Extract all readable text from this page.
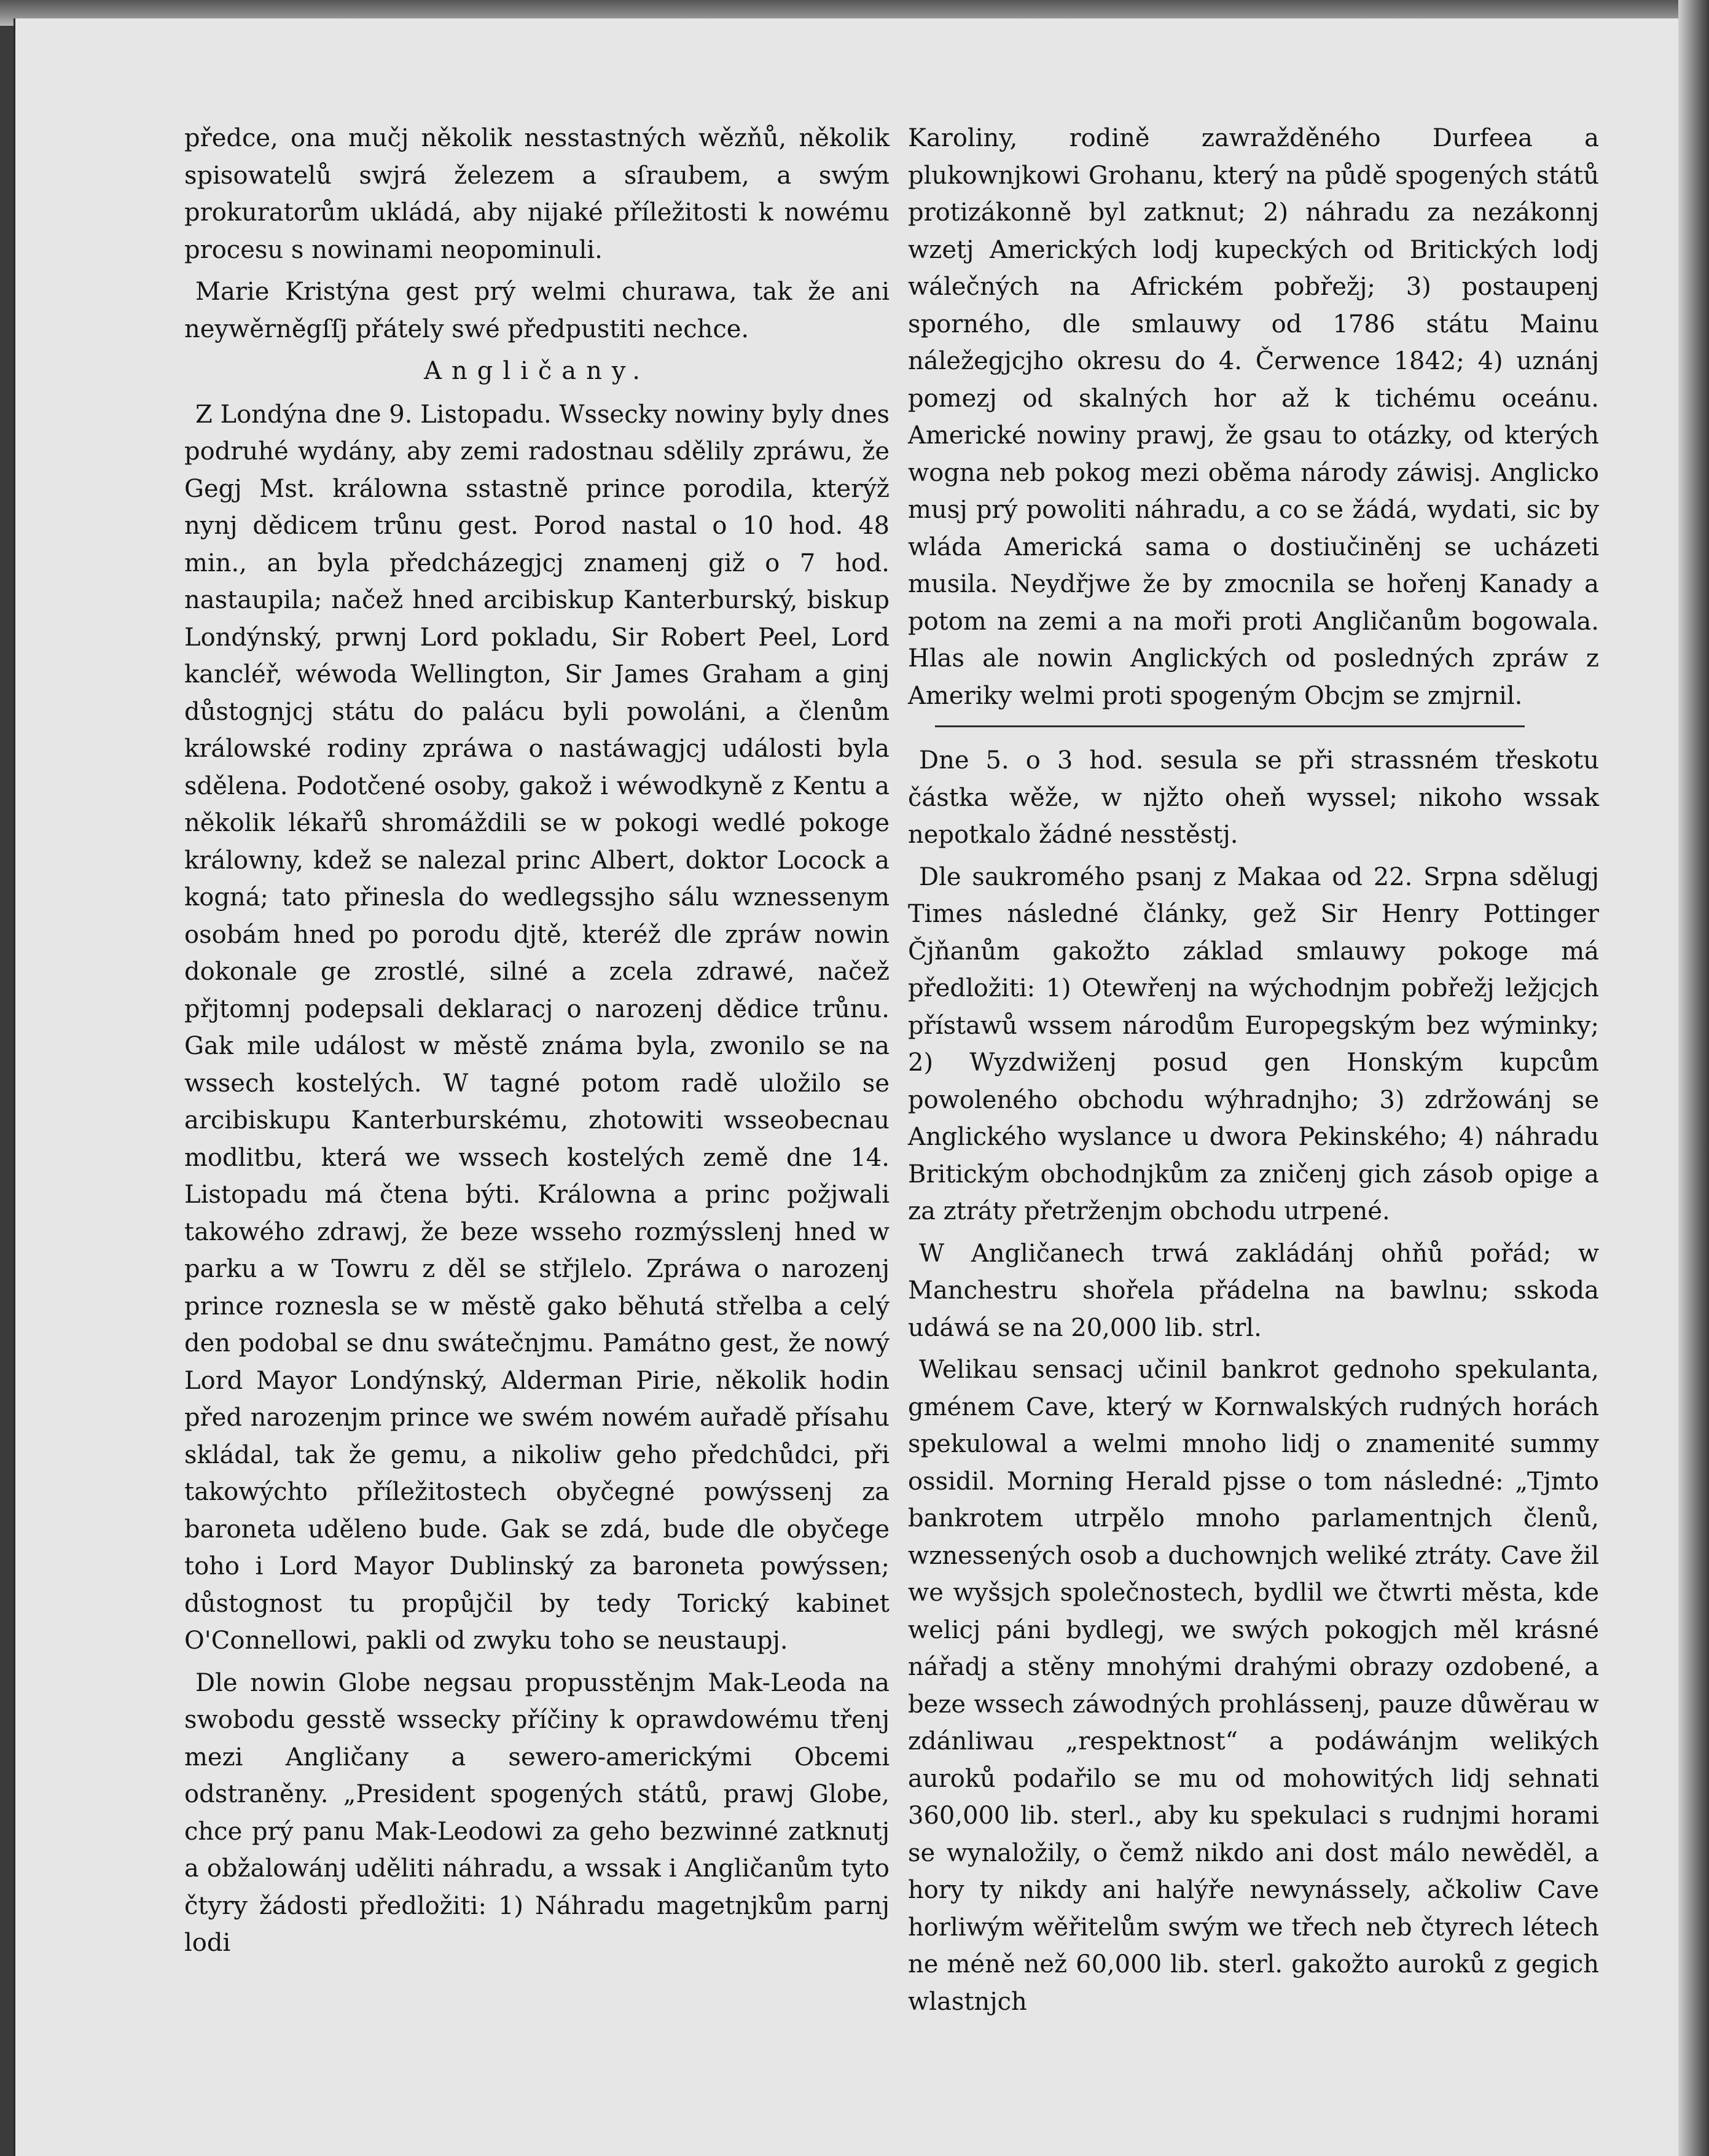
předce, ona mučj několik nesstastných wězňů, několik spisowatelů swjrá železem a sſraubem, a swým prokuratorům ukládá, aby nijaké příležitosti k nowému procesu s nowinami neopominuli.

Marie Kristýna gest prý welmi churawa, tak že ani neywěrněgſſj přátely swé předpustiti nechce.

Angličany.

Z Londýna dne 9. Listopadu. Wssecky nowiny byly dnes podruhé wydány, aby zemi radostnau sdělily zpráwu, že Gegj Mst. králowna sstastně prince porodila, kterýž nynj dědicem trůnu gest. Porod nastal o 10 hod. 48 min., an byla předcházegjcj znamenj giž o 7 hod. nastaupila; načež hned arcibiskup Kanterburský, biskup Londýnský, prwnj Lord pokladu, Sir Robert Peel, Lord kancléř, wéwoda Wellington, Sir James Graham a ginj důstognjcj státu do palácu byli powoláni, a členům králowské rodiny zpráwa o nastáwagjcj události byla sdělena. Podotčené osoby, gakož i wéwodkyně z Kentu a několik lékařů shromáždili se w pokogi wedlé pokoge králowny, kdež se nalezal princ Albert, doktor Locock a kogná; tato přinesla do wedlegssjho sálu wznessenym osobám hned po porodu djtě, kteréž dle zpráw nowin dokonale ge zrostlé, silné a zcela zdrawé, načež přjtomnj podepsali deklaracj o narozenj dědice trůnu. Gak mile událost w městě známa byla, zwonilo se na wssech kostelých. W tagné potom radě uložilo se arcibiskupu Kanterburskému, zhotowiti wsseobecnau modlitbu, která we wssech kostelých země dne 14. Listopadu má čtena býti. Králowna a princ požjwali takowého zdrawj, že beze wsseho rozmýsslenj hned w parku a w Towru z děl se střjlelo. Zpráwa o narozenj prince roznesla se w městě gako běhutá střelba a celý den podobal se dnu swátečnjmu. Památno gest, že nowý Lord Mayor Londýnský, Alderman Pirie, několik hodin před narozenjm prince we swém nowém auřadě přísahu skládal, tak že gemu, a nikoliw geho předchůdci, při takowýchto příležitostech obyčegné powýssenj za baroneta uděleno bude. Gak se zdá, bude dle obyčege toho i Lord Mayor Dublinský za baroneta powýssen; důstognost tu propůjčil by tedy Torický kabinet O'Connellowi, pakli od zwyku toho se neustaupj.

Dle nowin Globe negsau propusstěnjm Mak-Leoda na swobodu gesstě wssecky příčiny k oprawdowému třenj mezi Angličany a sewero-americkými Obcemi odstraněny. „President spogených států, prawj Globe, chce prý panu Mak-Leodowi za geho bezwinné zatknutj a obžalowánj uděliti náhradu, a wssak i Angličanům tyto čtyry žádosti předložiti: 1) Náhradu magetnjkům parnj lodi

Karoliny, rodině zawražděného Durfeea a plukownjkowi Grohanu, který na půdě spogených států protizákonně byl zatknut; 2) náhradu za nezákonnj wzetj Amerických lodj kupeckých od Britických lodj wálečných na Africkém pobřežj; 3) postaupenj sporného, dle smlauwy od 1786 státu Mainu náležegjcjho okresu do 4. Čerwence 1842; 4) uznánj pomezj od skalných hor až k tichému oceánu. Americké nowiny prawj, že gsau to otázky, od kterých wogna neb pokog mezi oběma národy záwisj. Anglicko musj prý powoliti náhradu, a co se žádá, wydati, sic by wláda Americká sama o dostiučiněnj se ucházeti musila. Neydřjwe že by zmocnila se hořenj Kanady a potom na zemi a na moři proti Angličanům bogowala. Hlas ale nowin Anglických od posledných zpráw z Ameriky welmi proti spogeným Obcjm se zmjrnil.

Dne 5. o 3 hod. sesula se při strassném třeskotu částka wěže, w njžto oheň wyssel; nikoho wssak nepotkalo žádné nesstěstj.

Dle saukromého psanj z Makaa od 22. Srpna sdělugj Times následné články, gež Sir Henry Pottinger Čjňanům gakožto základ smlauwy pokoge má předložiti: 1) Otewřenj na wýchodnjm pobřežj ležjcjch přístawů wssem národům Europegským bez wýminky; 2) Wyzdwiženj posud gen Honským kupcům powoleného obchodu wýhradnjho; 3) zdržowánj se Anglického wyslance u dwora Pekinského; 4) náhradu Britickým obchodnjkům za zničenj gich zásob opige a za ztráty přetrženjm obchodu utrpené.

W Angličanech trwá zakládánj ohňů pořád; w Manchestru shořela přádelna na bawlnu; sskoda udáwá se na 20,000 lib. strl.

Welikau sensacj učinil bankrot gednoho spekulanta, gménem Cave, který w Kornwalských rudných horách spekulowal a welmi mnoho lidj o znamenité summy ossidil. Morning Herald pjsse o tom následné: „Tjmto bankrotem utrpělo mnoho parlamentnjch členů, wznessených osob a duchownjch weliké ztráty. Cave žil we wyšsjch společnostech, bydlil we čtwrti města, kde welicj páni bydlegj, we swých pokogjch měl krásné nářadj a stěny mnohými drahými obrazy ozdobené, a beze wssech záwodných prohlássenj, pauze důwěrau w zdánliwau „respektnost“ a podáwánjm welikých auroků podařilo se mu od mohowitých lidj sehnati 360,000 lib. sterl., aby ku spekulaci s rudnjmi horami se wynaložily, o čemž nikdo ani dost málo newěděl, a hory ty nikdy ani halýře newynássely, ačkoliw Cave horliwým wěřitelům swým we třech neb čtyrech létech ne méně než 60,000 lib. sterl. gakožto auroků z gegich wlastnjch
